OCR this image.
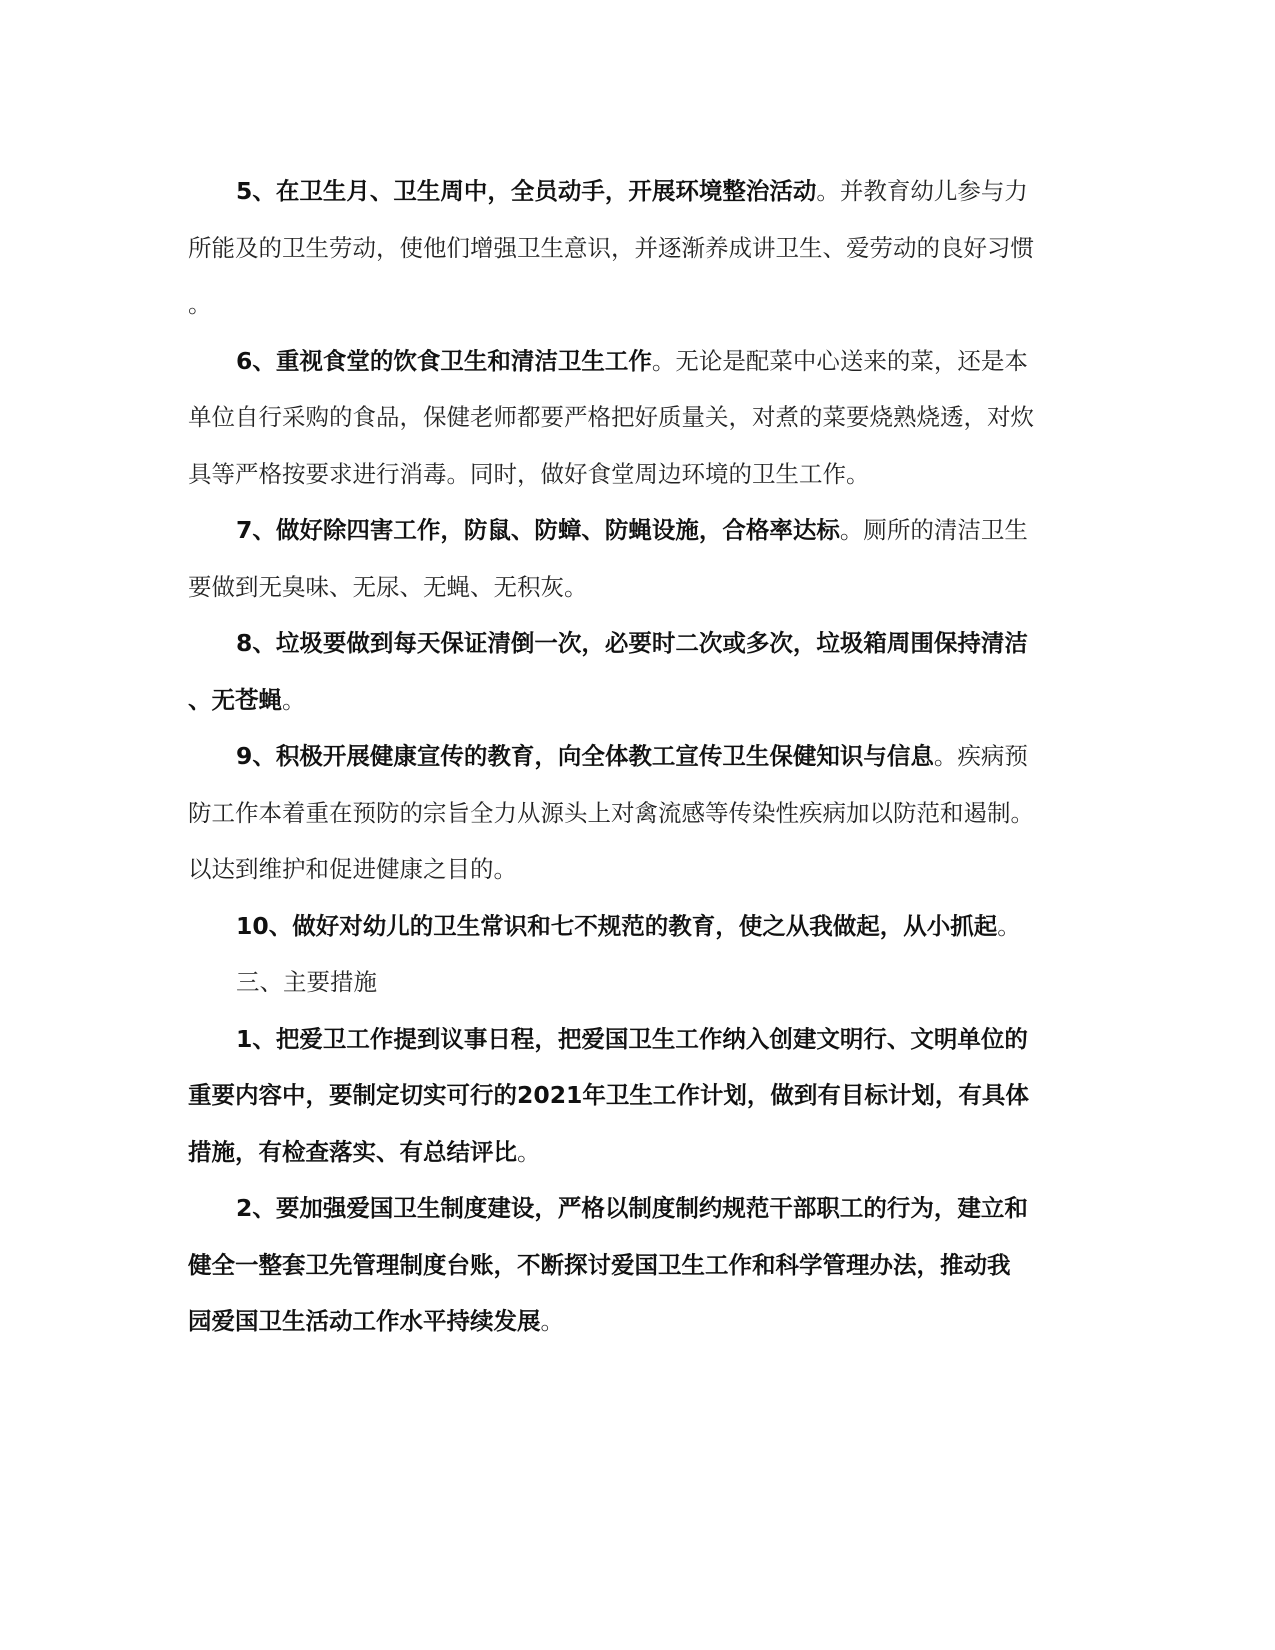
5、在卫生月、卫生周中，全员动手，开展环境整治活动。并教育幼儿参与力
所能及的卫生劳动，使他们增强卫生意识，并逐渐养成讲卫生、爱劳动的良好习惯
。
6、重视食堂的饮食卫生和清洁卫生工作。无论是配菜中心送来的菜，还是本
单位自行采购的食品，保健老师都要严格把好质量关，对煮的菜要烧熟烧透，对炊
具等严格按要求进行消毒。同时，做好食堂周边环境的卫生工作。
7、做好除四害工作，防鼠、防蟑、防蝇设施，合格率达标。厕所的清洁卫生
要做到无臭味、无尿、无蝇、无积灰。
8、垃圾要做到每天保证清倒一次，必要时二次或多次，垃圾箱周围保持清洁
、无苍蝇。
9、积极开展健康宣传的教育，向全体教工宣传卫生保健知识与信息。疾病预
防工作本着重在预防的宗旨全力从源头上对禽流感等传染性疾病加以防范和遏制。
以达到维护和促进健康之目的。
10、做好对幼儿的卫生常识和七不规范的教育，使之从我做起，从小抓起。
三、主要措施
1、把爱卫工作提到议事日程，把爱国卫生工作纳入创建文明行、文明单位的
重要内容中，要制定切实可行的2021年卫生工作计划，做到有目标计划，有具体
措施，有检查落实、有总结评比。
2、要加强爱国卫生制度建设，严格以制度制约规范干部职工的行为，建立和
健全一整套卫先管理制度台账，不断探讨爱国卫生工作和科学管理办法，推动我
园爱国卫生活动工作水平持续发展。
